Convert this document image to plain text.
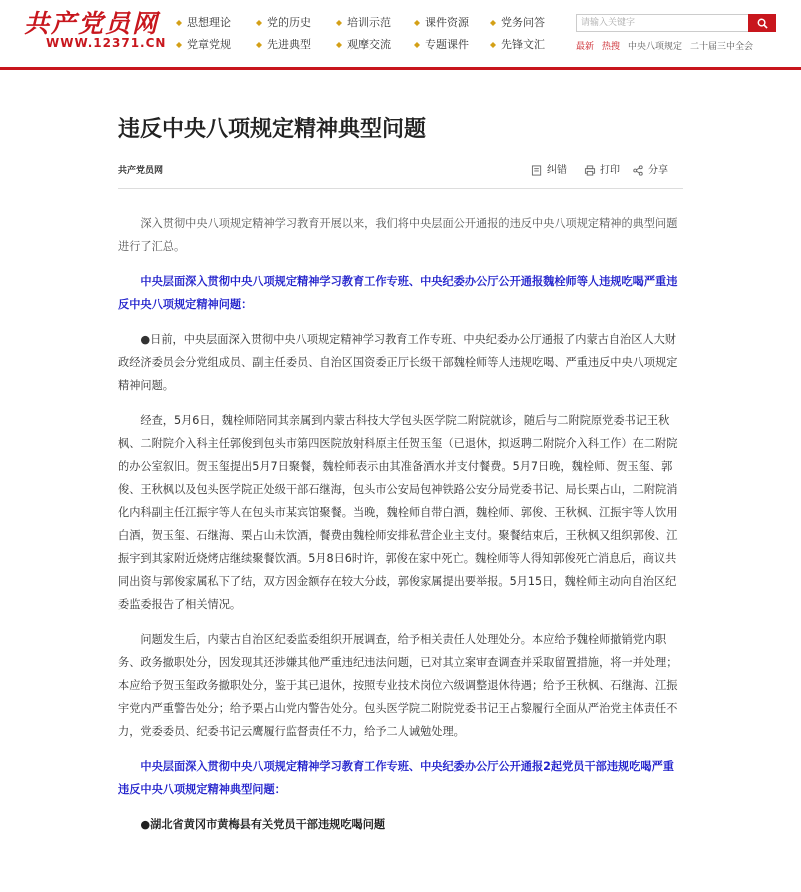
共产党员网
WWW.12371.CN
思想理论	党的历史	培训示范	课件资源	党务问答
党章党规	先进典型	观摩交流	专题课件	先锋文汇
请输入关键字
最新 热搜 中央八项规定 二十届三中全会
违反中央八项规定精神典型问题
共产党员网	纠错	打印	分享

深入贯彻中央八项规定精神学习教育开展以来，我们将中央层面公开通报的违反中央八项规定精神的典型问题进行了汇总。

中央层面深入贯彻中央八项规定精神学习教育工作专班、中央纪委办公厅公开通报魏栓师等人违规吃喝严重违反中央八项规定精神问题：

●日前，中央层面深入贯彻中央八项规定精神学习教育工作专班、中央纪委办公厅通报了内蒙古自治区人大财政经济委员会分党组成员、副主任委员、自治区国资委正厅长级干部魏栓师等人违规吃喝、严重违反中央八项规定精神问题。

经查，5月6日，魏栓师陪同其亲属到内蒙古科技大学包头医学院二附院就诊，随后与二附院原党委书记王秋枫、二附院介入科主任郭俊到包头市第四医院放射科原主任贺玉玺（已退休，拟返聘二附院介入科工作）在二附院的办公室叙旧。贺玉玺提出5月7日聚餐，魏栓师表示由其准备酒水并支付餐费。5月7日晚，魏栓师、贺玉玺、郭俊、王秋枫以及包头医学院正处级干部石继海，包头市公安局包神铁路公安分局党委书记、局长栗占山，二附院消化内科副主任江振宇等人在包头市某宾馆聚餐。当晚，魏栓师自带白酒，魏栓师、郭俊、王秋枫、江振宇等人饮用白酒，贺玉玺、石继海、栗占山未饮酒，餐费由魏栓师安排私营企业主支付。聚餐结束后，王秋枫又组织郭俊、江振宇到其家附近烧烤店继续聚餐饮酒。5月8日6时许，郭俊在家中死亡。魏栓师等人得知郭俊死亡消息后，商议共同出资与郭俊家属私下了结，双方因金额存在较大分歧，郭俊家属提出要举报。5月15日，魏栓师主动向自治区纪委监委报告了相关情况。

问题发生后，内蒙古自治区纪委监委组织开展调查，给予相关责任人处理处分。本应给予魏栓师撤销党内职务、政务撤职处分，因发现其还涉嫌其他严重违纪违法问题，已对其立案审查调查并采取留置措施，将一并处理；本应给予贺玉玺政务撤职处分，鉴于其已退休，按照专业技术岗位六级调整退休待遇；给予王秋枫、石继海、江振宇党内严重警告处分；给予栗占山党内警告处分。包头医学院二附院党委书记王占黎履行全面从严治党主体责任不力，党委委员、纪委书记云鹰履行监督责任不力，给予二人诫勉处理。

中央层面深入贯彻中央八项规定精神学习教育工作专班、中央纪委办公厅公开通报2起党员干部违规吃喝严重违反中央八项规定精神典型问题：

●湖北省黄冈市黄梅县有关党员干部违规吃喝问题
